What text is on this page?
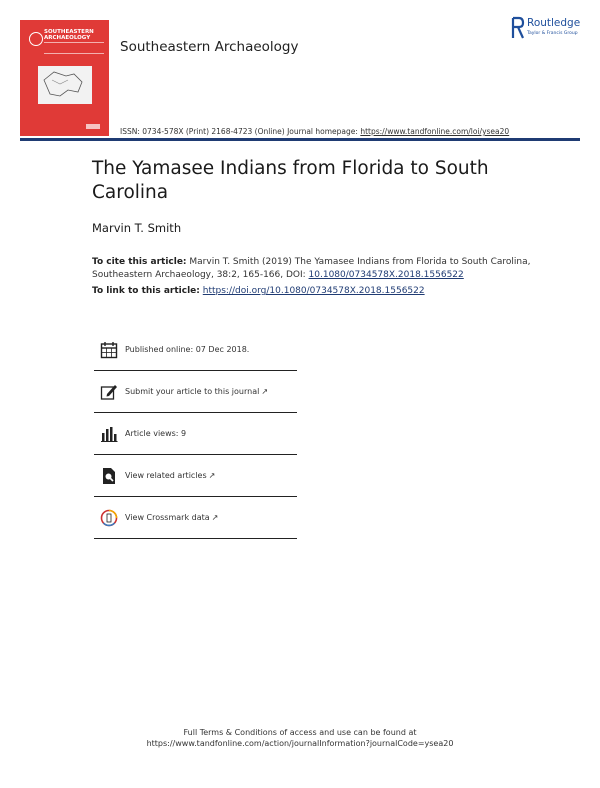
SOUTHEASTERN ARCHAEOLOGY
Southeastern Archaeology
ISSN: 0734-578X (Print) 2168-4723 (Online) Journal homepage: https://www.tandfonline.com/loi/ysea20
Routledge
Taylor & Francis Group
The Yamasee Indians from Florida to South Carolina
Marvin T. Smith
To cite this article: Marvin T. Smith (2019) The Yamasee Indians from Florida to South Carolina, Southeastern Archaeology, 38:2, 165-166, DOI: 10.1080/0734578X.2018.1556522
To link to this article: https://doi.org/10.1080/0734578X.2018.1556522
Published online: 07 Dec 2018.
Submit your article to this journal ↗
Article views: 9
View related articles ↗
View Crossmark data ↗
Full Terms & Conditions of access and use can be found at
https://www.tandfonline.com/action/journalInformation?journalCode=ysea20
